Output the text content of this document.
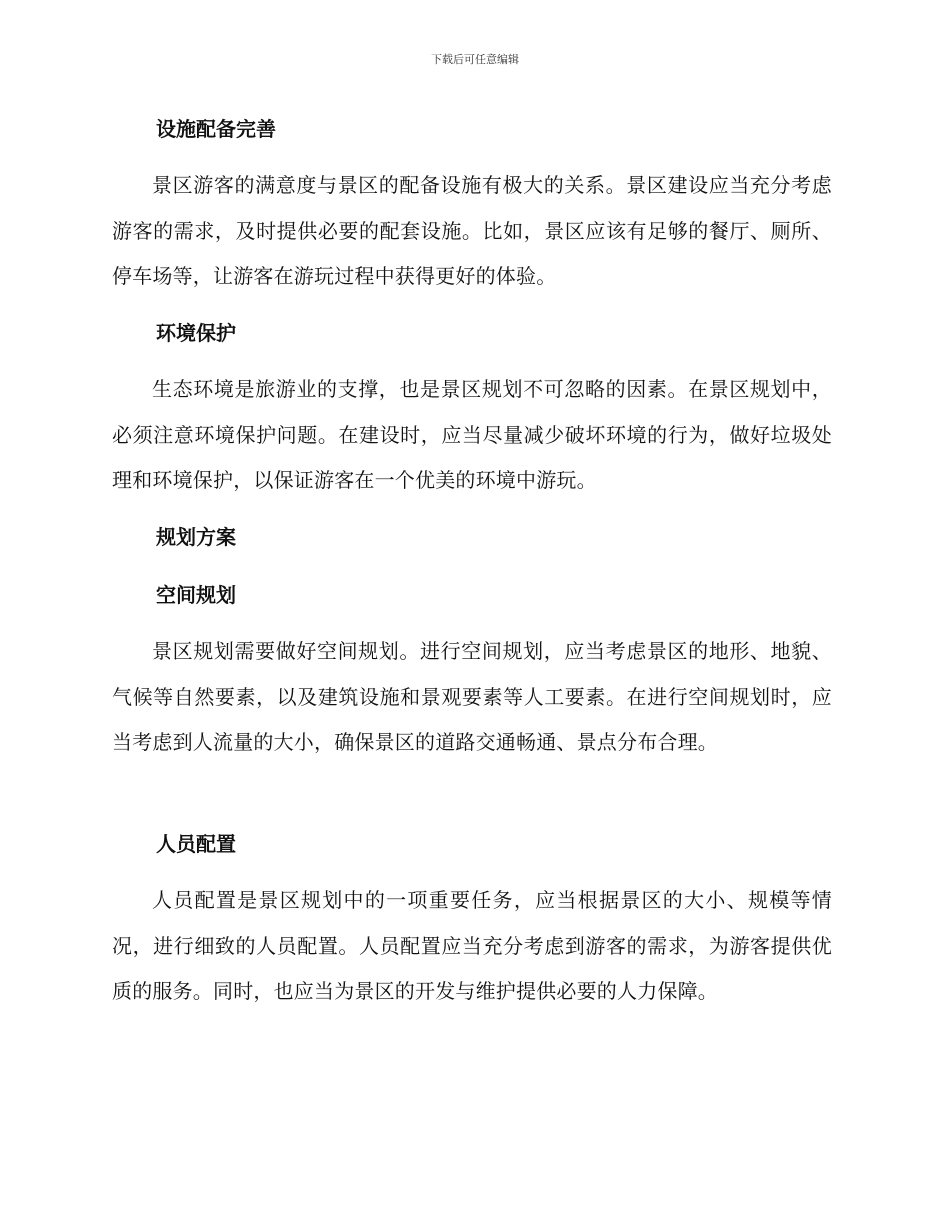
下载后可任意编辑
设施配备完善

景区游客的满意度与景区的配备设施有极大的关系。景区建设应当充分考虑游客的需求，及时提供必要的配套设施。比如，景区应该有足够的餐厅、厕所、停车场等，让游客在游玩过程中获得更好的体验。

环境保护

生态环境是旅游业的支撑，也是景区规划不可忽略的因素。在景区规划中，必须注意环境保护问题。在建设时，应当尽量减少破坏环境的行为，做好垃圾处理和环境保护，以保证游客在一个优美的环境中游玩。

规划方案
空间规划

景区规划需要做好空间规划。进行空间规划，应当考虑景区的地形、地貌、气候等自然要素，以及建筑设施和景观要素等人工要素。在进行空间规划时，应当考虑到人流量的大小，确保景区的道路交通畅通、景点分布合理。

人员配置

人员配置是景区规划中的一项重要任务，应当根据景区的大小、规模等情况，进行细致的人员配置。人员配置应当充分考虑到游客的需求，为游客提供优质的服务。同时，也应当为景区的开发与维护提供必要的人力保障。
